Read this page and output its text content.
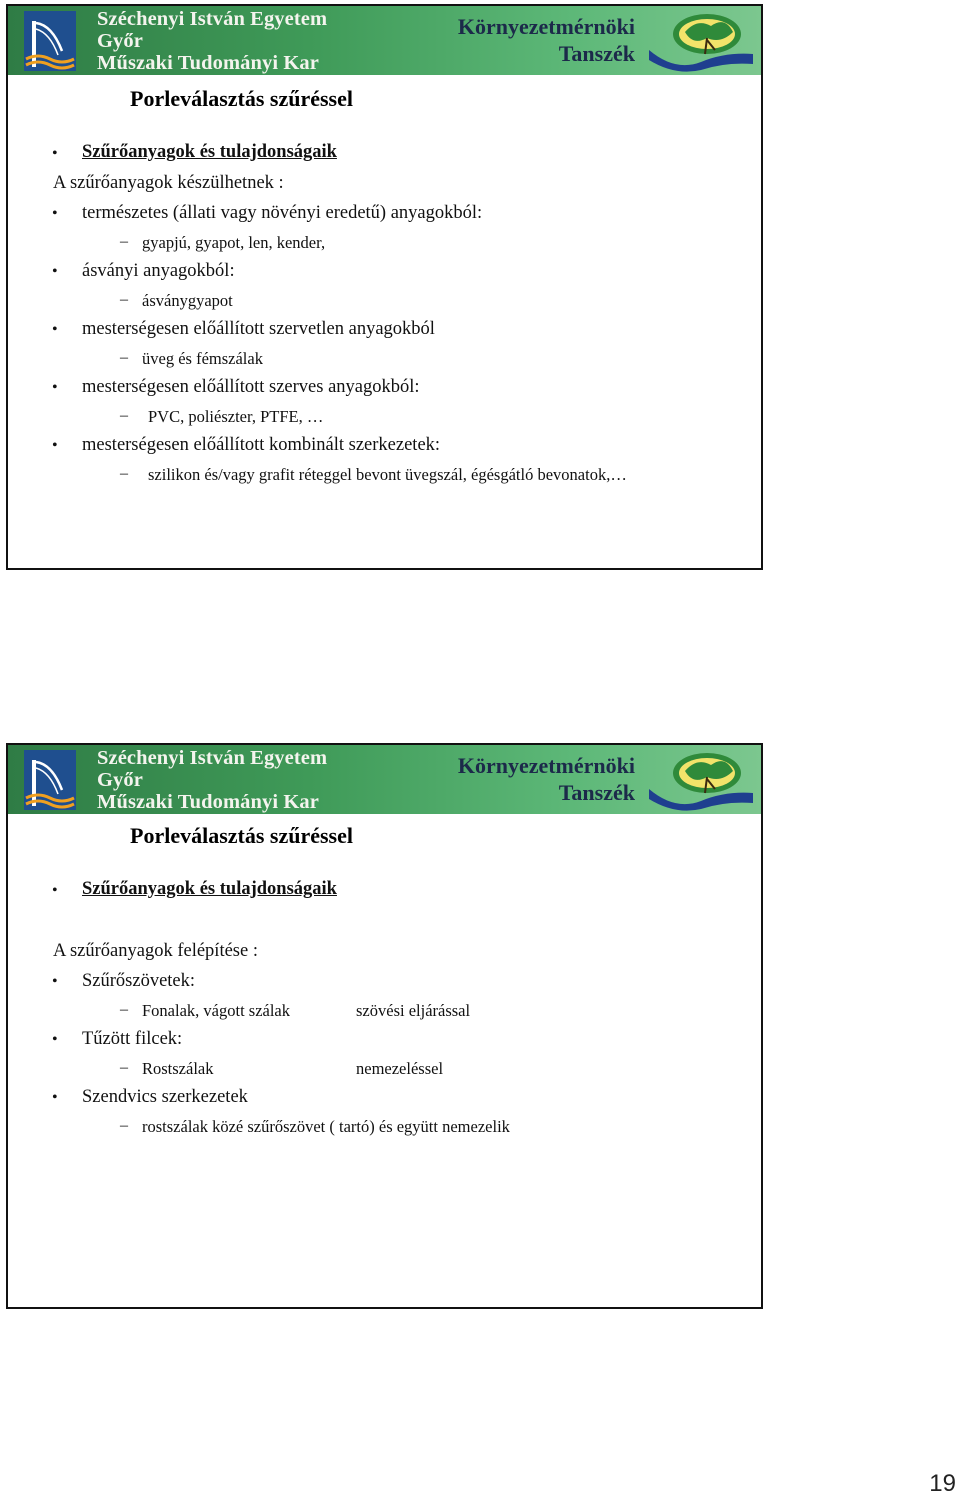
Széchenyi István Egyetem
Győr
Műszaki Tudományi Kar
Környezetmérnöki
Tanszék
Porleválasztás szűréssel
• Szűrőanyagok és tulajdonságaik
A szűrőanyagok készülhetnek :
• természetes (állati vagy növényi eredetű) anyagokból:
– gyapjú, gyapot, len, kender,
• ásványi anyagokból:
– ásványgyapot
• mesterségesen előállított szervetlen anyagokból
– üveg és fémszálak
• mesterségesen előállított szerves anyagokból:
– PVC, poliészter, PTFE, …
• mesterségesen előállított kombinált szerkezetek:
– szilikon és/vagy grafit réteggel bevont üvegszál, égésgátló bevonatok,…
Széchenyi István Egyetem
Győr
Műszaki Tudományi Kar
Környezetmérnöki
Tanszék
Porleválasztás szűréssel
• Szűrőanyagok és tulajdonságaik
A szűrőanyagok felépítése :
• Szűrőszövetek:
– Fonalak, vágott szálak	szövési eljárással
• Tűzött filcek:
– Rostszálak	nemezeléssel
• Szendvics szerkezetek
– rostszálak közé szűrőszövet ( tartó) és együtt nemezelik
19
